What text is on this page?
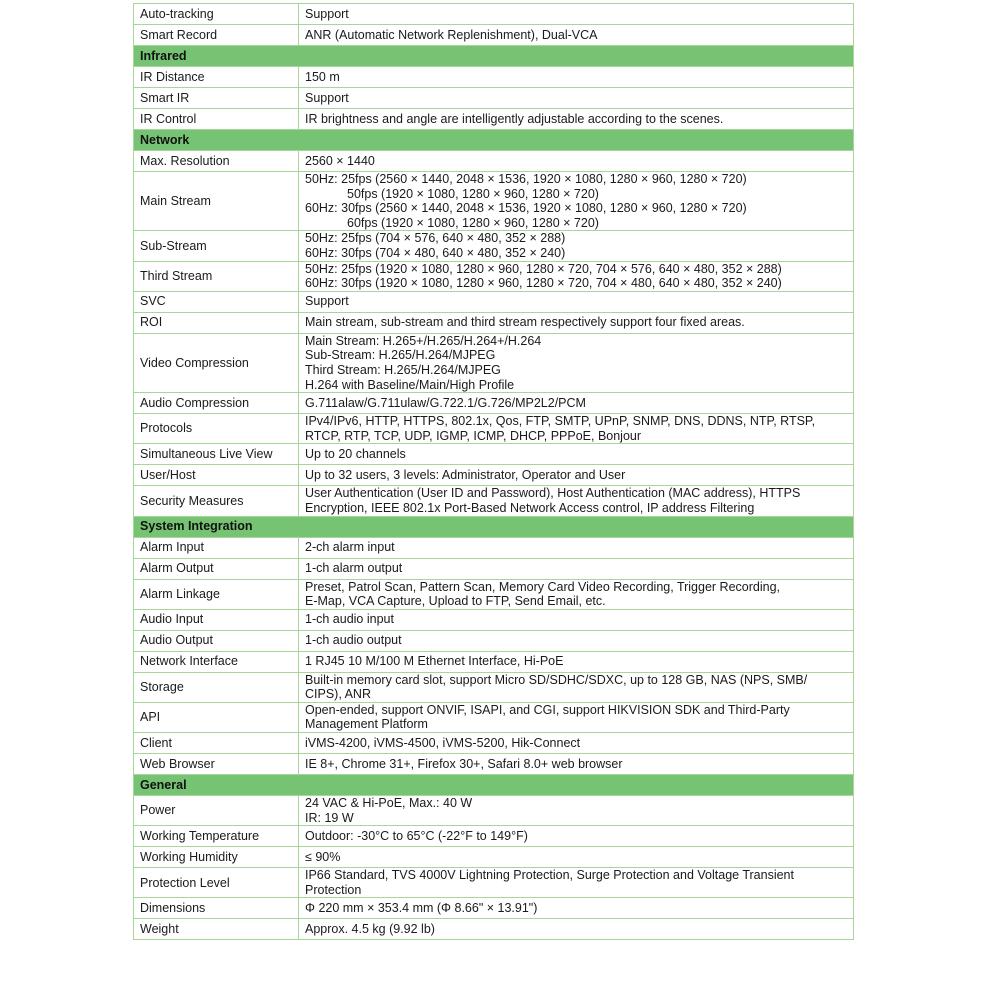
Auto-tracking	Support

Smart Record	ANR (Automatic Network Replenishment), Dual-VCA

Infrared	
IR Distance	150 m

Smart IR	Support

IR Control	IR brightness and angle are intelligently adjustable according to the scenes.

Network	
Max. Resolution	2560 × 1440

Main Stream	50Hz: 25fps (2560 × 1440, 2048 × 1536, 1920 × 1080, 1280 × 960, 1280 × 720)
50fps (1920 × 1080, 1280 × 960, 1280 × 720)
60Hz: 30fps (2560 × 1440, 2048 × 1536, 1920 × 1080, 1280 × 960, 1280 × 720)
60fps (1920 × 1080, 1280 × 960, 1280 × 720)

Sub-Stream	50Hz: 25fps (704 × 576, 640 × 480, 352 × 288)
60Hz: 30fps (704 × 480, 640 × 480, 352 × 240)

Third Stream	50Hz: 25fps (1920 × 1080, 1280 × 960, 1280 × 720, 704 × 576, 640 × 480, 352 × 288)
60Hz: 30fps (1920 × 1080, 1280 × 960, 1280 × 720, 704 × 480, 640 × 480, 352 × 240)

SVC	Support

ROI	Main stream, sub-stream and third stream respectively support four fixed areas.

Video Compression	Main Stream: H.265+/H.265/H.264+/H.264
Sub-Stream: H.265/H.264/MJPEG
Third Stream: H.265/H.264/MJPEG
H.264 with Baseline/Main/High Profile

Audio Compression	G.711alaw/G.711ulaw/G.722.1/G.726/MP2L2/PCM

Protocols	IPv4/IPv6, HTTP, HTTPS, 802.1x, Qos, FTP, SMTP, UPnP, SNMP, DNS, DDNS, NTP, RTSP,
RTCP, RTP, TCP, UDP, IGMP, ICMP, DHCP, PPPoE, Bonjour

Simultaneous Live View	Up to 20 channels

User/Host	Up to 32 users, 3 levels: Administrator, Operator and User

Security Measures	User Authentication (User ID and Password), Host Authentication (MAC address), HTTPS
Encryption, IEEE 802.1x Port-Based Network Access control, IP address Filtering

System Integration	
Alarm Input	2-ch alarm input

Alarm Output	1-ch alarm output

Alarm Linkage	Preset, Patrol Scan, Pattern Scan, Memory Card Video Recording, Trigger Recording,
E-Map, VCA Capture, Upload to FTP, Send Email, etc.

Audio Input	1-ch audio input

Audio Output	1-ch audio output

Network Interface	1 RJ45 10 M/100 M Ethernet Interface, Hi-PoE

Storage	Built-in memory card slot, support Micro SD/SDHC/SDXC, up to 128 GB, NAS (NPS, SMB/
CIPS), ANR

API	Open-ended, support ONVIF, ISAPI, and CGI, support HIKVISION SDK and Third-Party
Management Platform

Client	iVMS-4200, iVMS-4500, iVMS-5200, Hik-Connect

Web Browser	IE 8+, Chrome 31+, Firefox 30+, Safari 8.0+ web browser

General	
Power	24 VAC & Hi-PoE, Max.: 40 W
IR: 19 W

Working Temperature	Outdoor: -30°C to 65°C (-22°F to 149°F)

Working Humidity	≤ 90%

Protection Level	IP66 Standard, TVS 4000V Lightning Protection, Surge Protection and Voltage Transient
Protection

Dimensions	Φ 220 mm × 353.4 mm (Φ 8.66" × 13.91")

Weight	Approx. 4.5 kg (9.92 lb)
